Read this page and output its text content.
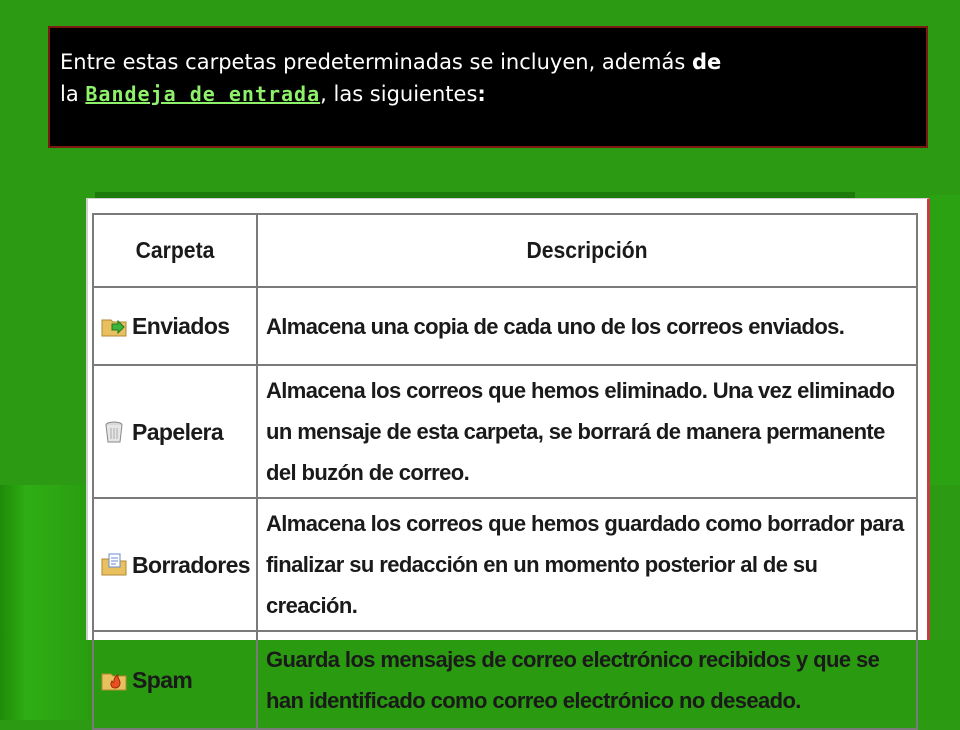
Entre estas carpetas predeterminadas se incluyen, además de
la Bandeja de entrada, las siguientes:
Carpeta	Descripción

Enviados	Almacena una copia de cada uno de los correos enviados.

Papelera	Almacena los correos que hemos eliminado. Una vez eliminado un mensaje de esta carpeta, se borrará de manera permanente del buzón de correo.

Borradores	Almacena los correos que hemos guardado como borrador para finalizar su redacción en un momento posterior al de su creación.

Spam	Guarda los mensajes de correo electrónico recibidos y que se han identificado como correo electrónico no deseado.
